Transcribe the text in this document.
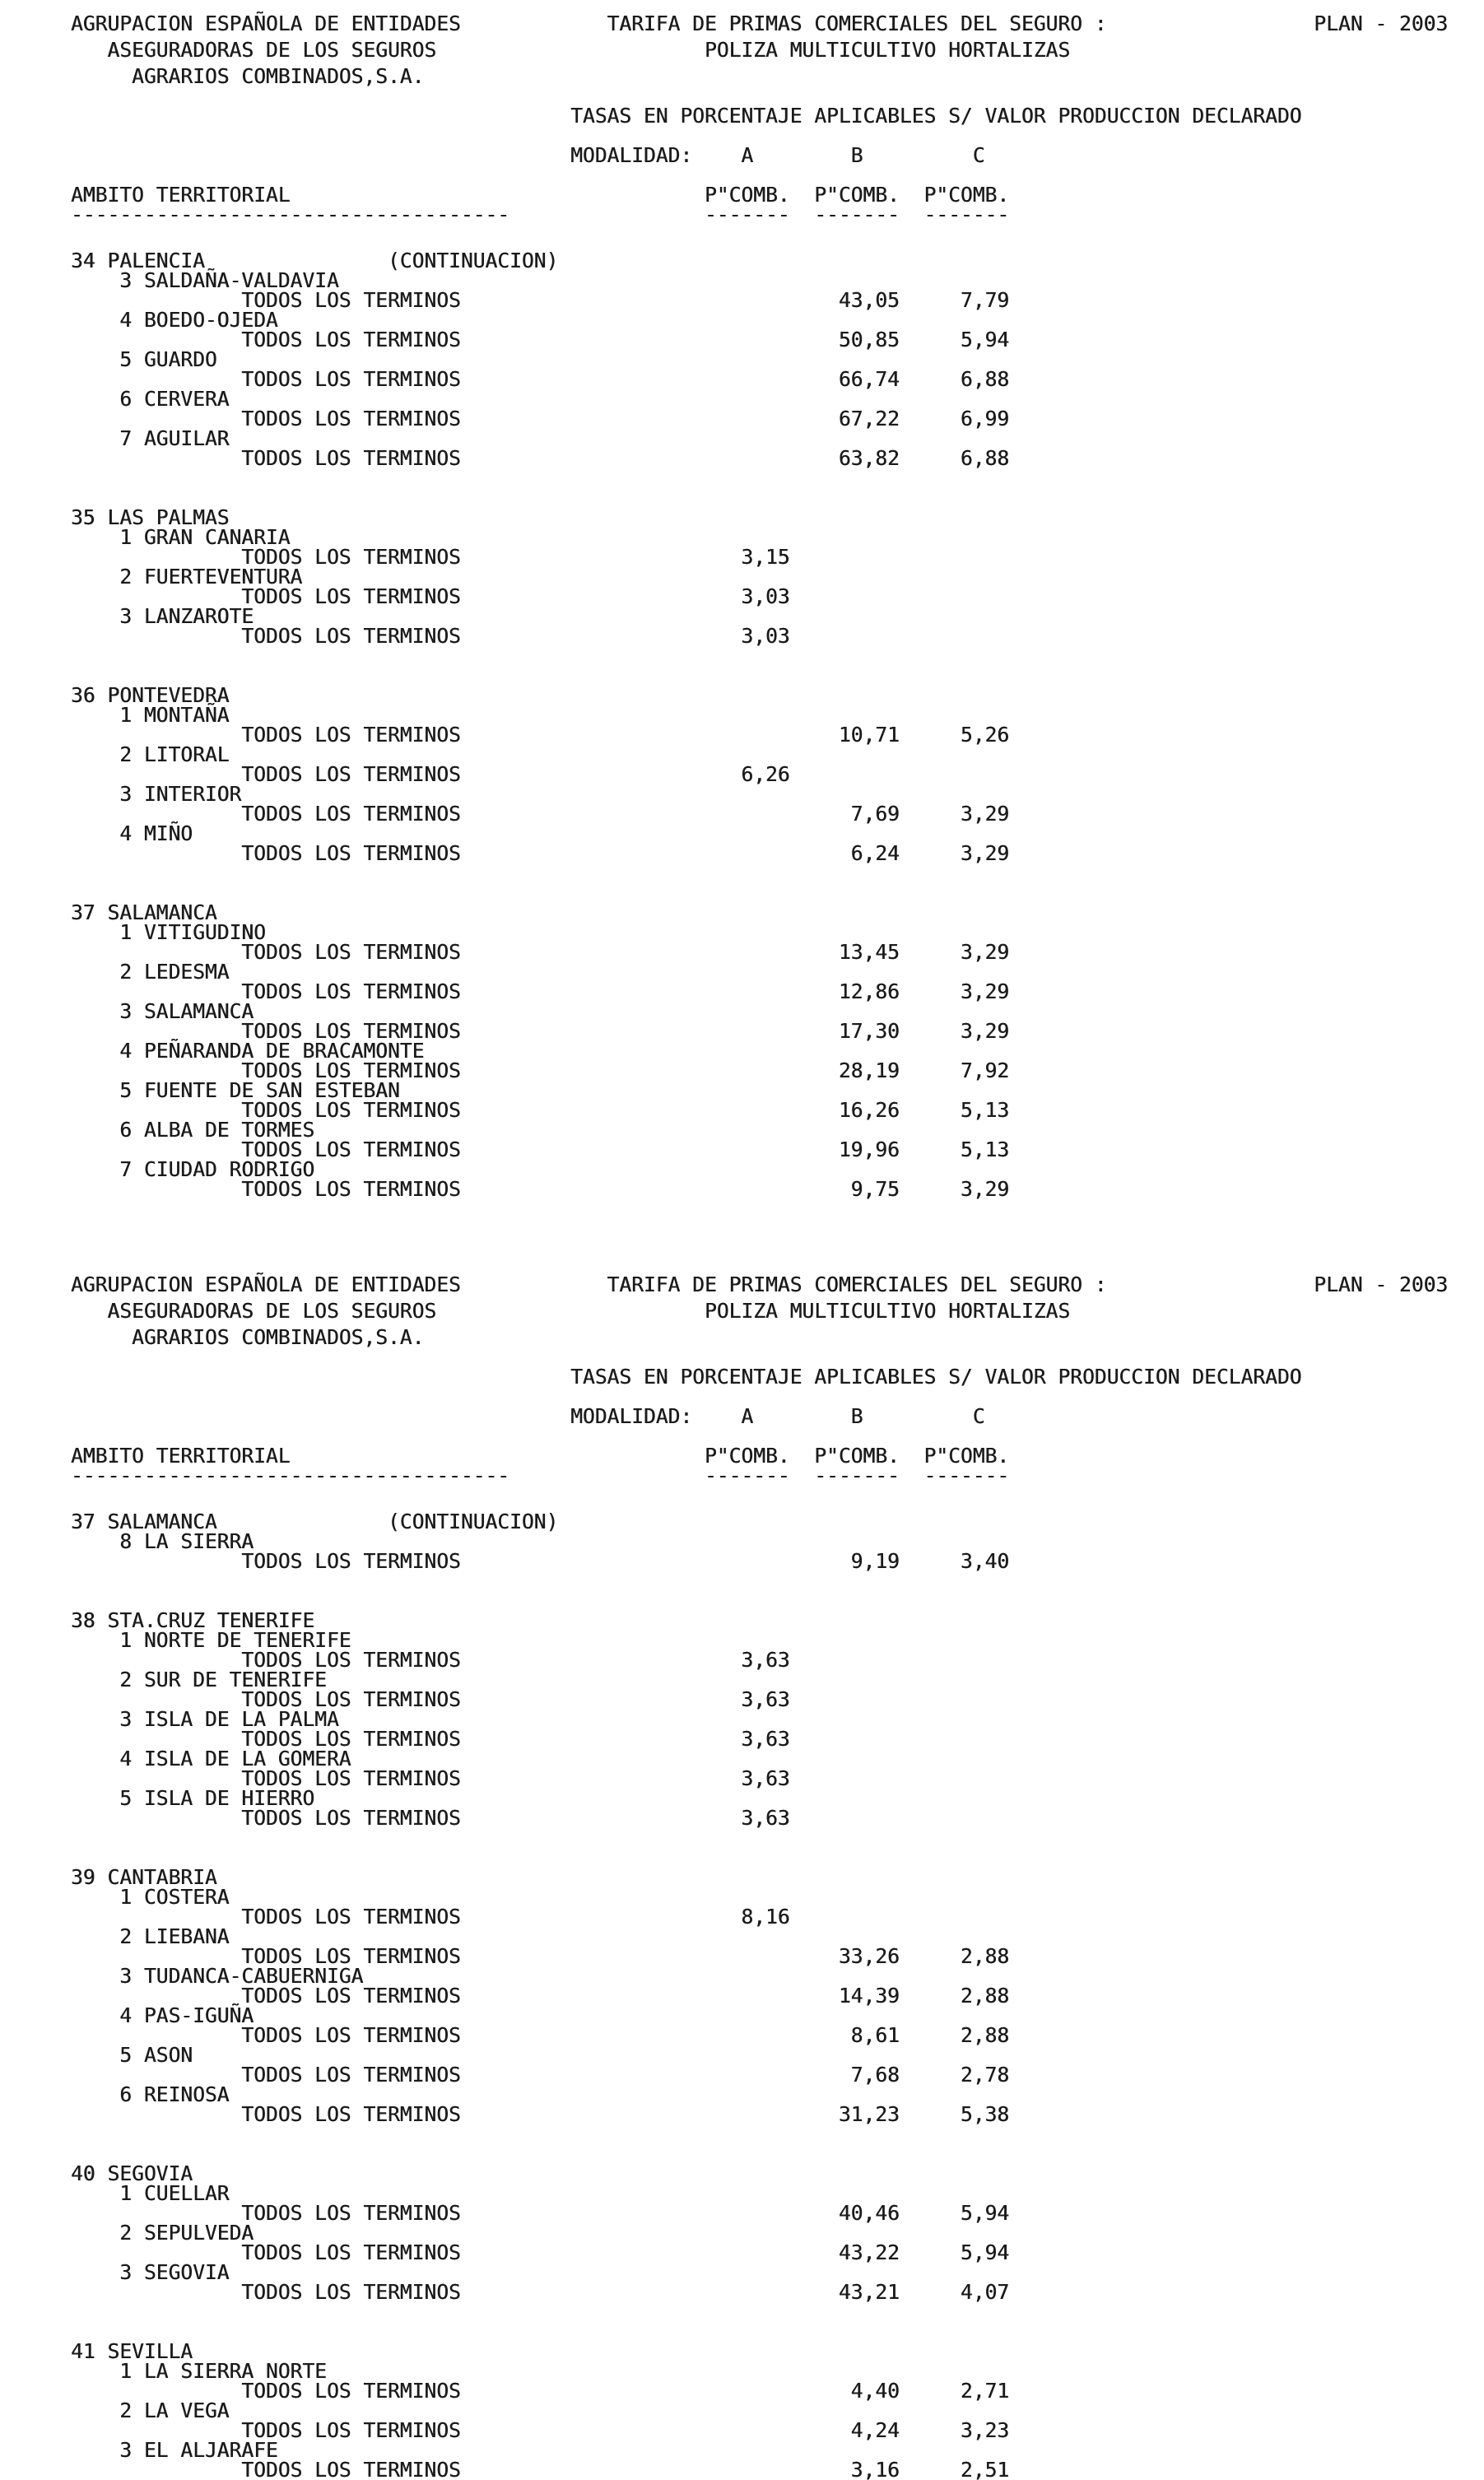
AGRUPACION ESPAÑOLA DE ENTIDADES            TARIFA DE PRIMAS COMERCIALES DEL SEGURO :                 PLAN - 2003
ASEGURADORAS DE LOS SEGUROS                      POLIZA MULTICULTIVO HORTALIZAS
AGRARIOS COMBINADOS,S.A.
TASAS EN PORCENTAJE APLICABLES S/ VALOR PRODUCCION DECLARADO
MODALIDAD:    A        B         C
AMBITO TERRITORIAL                                  P"COMB.  P"COMB.  P"COMB.
------------------------------------                -------  -------  -------
34 PALENCIA               (CONTINUACION)
3 SALDAÑA-VALDAVIA
TODOS LOS TERMINOS                               43,05     7,79
4 BOEDO-OJEDA
TODOS LOS TERMINOS                               50,85     5,94
5 GUARDO
TODOS LOS TERMINOS                               66,74     6,88
6 CERVERA
TODOS LOS TERMINOS                               67,22     6,99
7 AGUILAR
TODOS LOS TERMINOS                               63,82     6,88
35 LAS PALMAS
1 GRAN CANARIA
TODOS LOS TERMINOS                       3,15
2 FUERTEVENTURA
TODOS LOS TERMINOS                       3,03
3 LANZAROTE
TODOS LOS TERMINOS                       3,03
36 PONTEVEDRA
1 MONTAÑA
TODOS LOS TERMINOS                               10,71     5,26
2 LITORAL
TODOS LOS TERMINOS                       6,26
3 INTERIOR
TODOS LOS TERMINOS                                7,69     3,29
4 MIÑO
TODOS LOS TERMINOS                                6,24     3,29
37 SALAMANCA
1 VITIGUDINO
TODOS LOS TERMINOS                               13,45     3,29
2 LEDESMA
TODOS LOS TERMINOS                               12,86     3,29
3 SALAMANCA
TODOS LOS TERMINOS                               17,30     3,29
4 PEÑARANDA DE BRACAMONTE
TODOS LOS TERMINOS                               28,19     7,92
5 FUENTE DE SAN ESTEBAN
TODOS LOS TERMINOS                               16,26     5,13
6 ALBA DE TORMES
TODOS LOS TERMINOS                               19,96     5,13
7 CIUDAD RODRIGO
TODOS LOS TERMINOS                                9,75     3,29
AGRUPACION ESPAÑOLA DE ENTIDADES            TARIFA DE PRIMAS COMERCIALES DEL SEGURO :                 PLAN - 2003
ASEGURADORAS DE LOS SEGUROS                      POLIZA MULTICULTIVO HORTALIZAS
AGRARIOS COMBINADOS,S.A.
TASAS EN PORCENTAJE APLICABLES S/ VALOR PRODUCCION DECLARADO
MODALIDAD:    A        B         C
AMBITO TERRITORIAL                                  P"COMB.  P"COMB.  P"COMB.
------------------------------------                -------  -------  -------
37 SALAMANCA              (CONTINUACION)
8 LA SIERRA
TODOS LOS TERMINOS                                9,19     3,40
38 STA.CRUZ TENERIFE
1 NORTE DE TENERIFE
TODOS LOS TERMINOS                       3,63
2 SUR DE TENERIFE
TODOS LOS TERMINOS                       3,63
3 ISLA DE LA PALMA
TODOS LOS TERMINOS                       3,63
4 ISLA DE LA GOMERA
TODOS LOS TERMINOS                       3,63
5 ISLA DE HIERRO
TODOS LOS TERMINOS                       3,63
39 CANTABRIA
1 COSTERA
TODOS LOS TERMINOS                       8,16
2 LIEBANA
TODOS LOS TERMINOS                               33,26     2,88
3 TUDANCA-CABUERNIGA
TODOS LOS TERMINOS                               14,39     2,88
4 PAS-IGUÑA
TODOS LOS TERMINOS                                8,61     2,88
5 ASON
TODOS LOS TERMINOS                                7,68     2,78
6 REINOSA
TODOS LOS TERMINOS                               31,23     5,38
40 SEGOVIA
1 CUELLAR
TODOS LOS TERMINOS                               40,46     5,94
2 SEPULVEDA
TODOS LOS TERMINOS                               43,22     5,94
3 SEGOVIA
TODOS LOS TERMINOS                               43,21     4,07
41 SEVILLA
1 LA SIERRA NORTE
TODOS LOS TERMINOS                                4,40     2,71
2 LA VEGA
TODOS LOS TERMINOS                                4,24     3,23
3 EL ALJARAFE
TODOS LOS TERMINOS                                3,16     2,51
